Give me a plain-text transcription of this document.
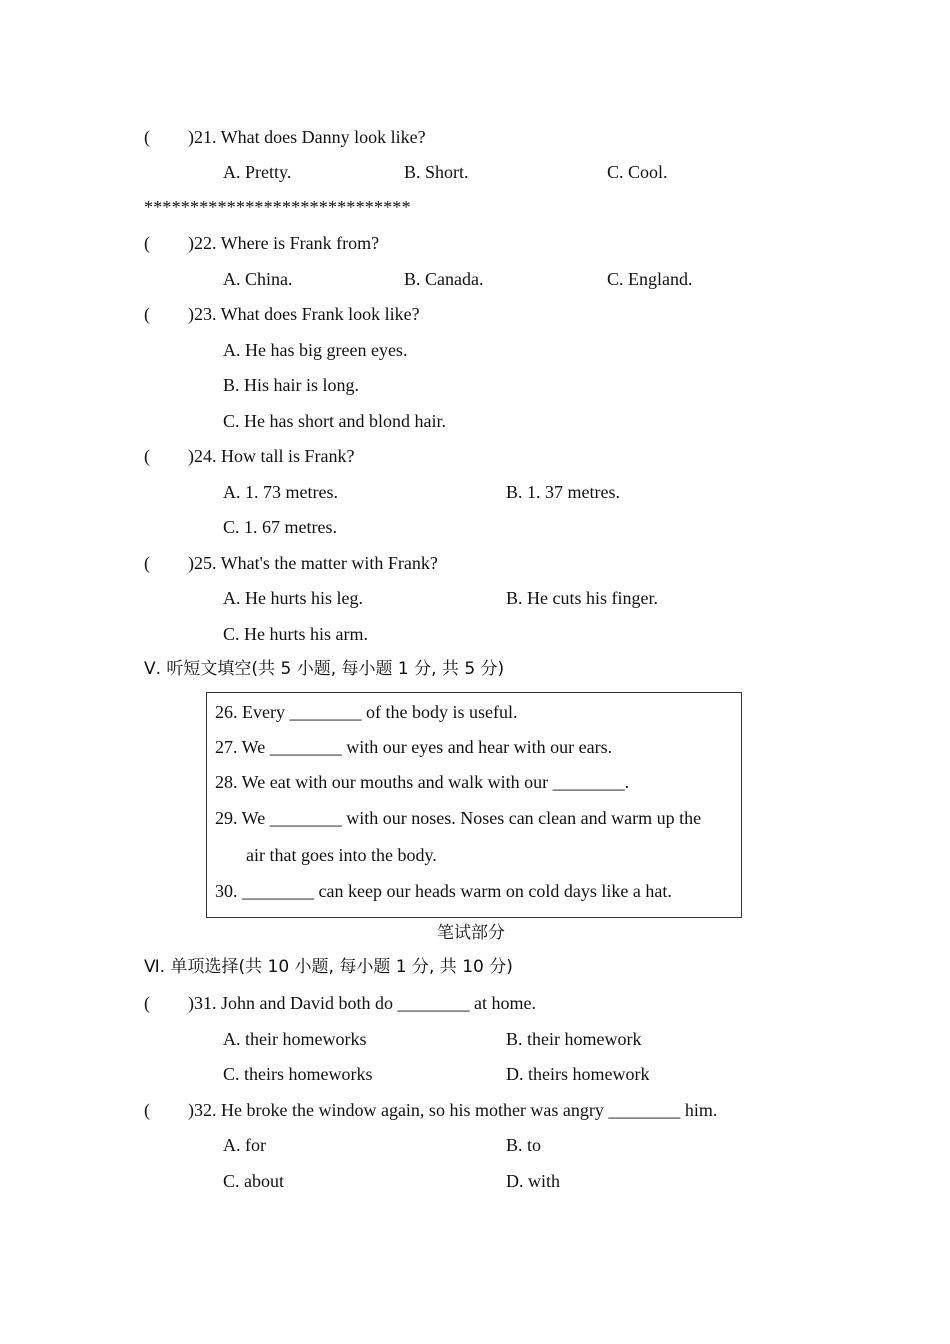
( )21. What does Danny look like?
A. Pretty.	B. Short.	C. Cool.
*****************************
( )22. Where is Frank from?
A. China.	B. Canada.	C. England.
( )23. What does Frank look like?
A. He has big green eyes.
B. His hair is long.
C. He has short and blond hair.
( )24. How tall is Frank?
A. 1. 73 metres.	B. 1. 37 metres.
C. 1. 67 metres.
( )25. What's the matter with Frank?
A. He hurts his leg.	B. He cuts his finger.
C. He hurts his arm.
Ⅴ. 听短文填空(共 5 小题, 每小题 1 分, 共 5 分)
26. Every ________ of the body is useful.
27. We ________ with our eyes and hear with our ears.
28. We eat with our mouths and walk with our ________.
29. We ________ with our noses. Noses can clean and warm up the
air that goes into the body.
30. ________ can keep our heads warm on cold days like a hat.
笔试部分
Ⅵ. 单项选择(共 10 小题, 每小题 1 分, 共 10 分)
( )31. John and David both do ________ at home.
A. their homeworks	B. their homework
C. theirs homeworks	D. theirs homework
( )32. He broke the window again, so his mother was angry ________ him.
A. for	B. to
C. about	D. with
